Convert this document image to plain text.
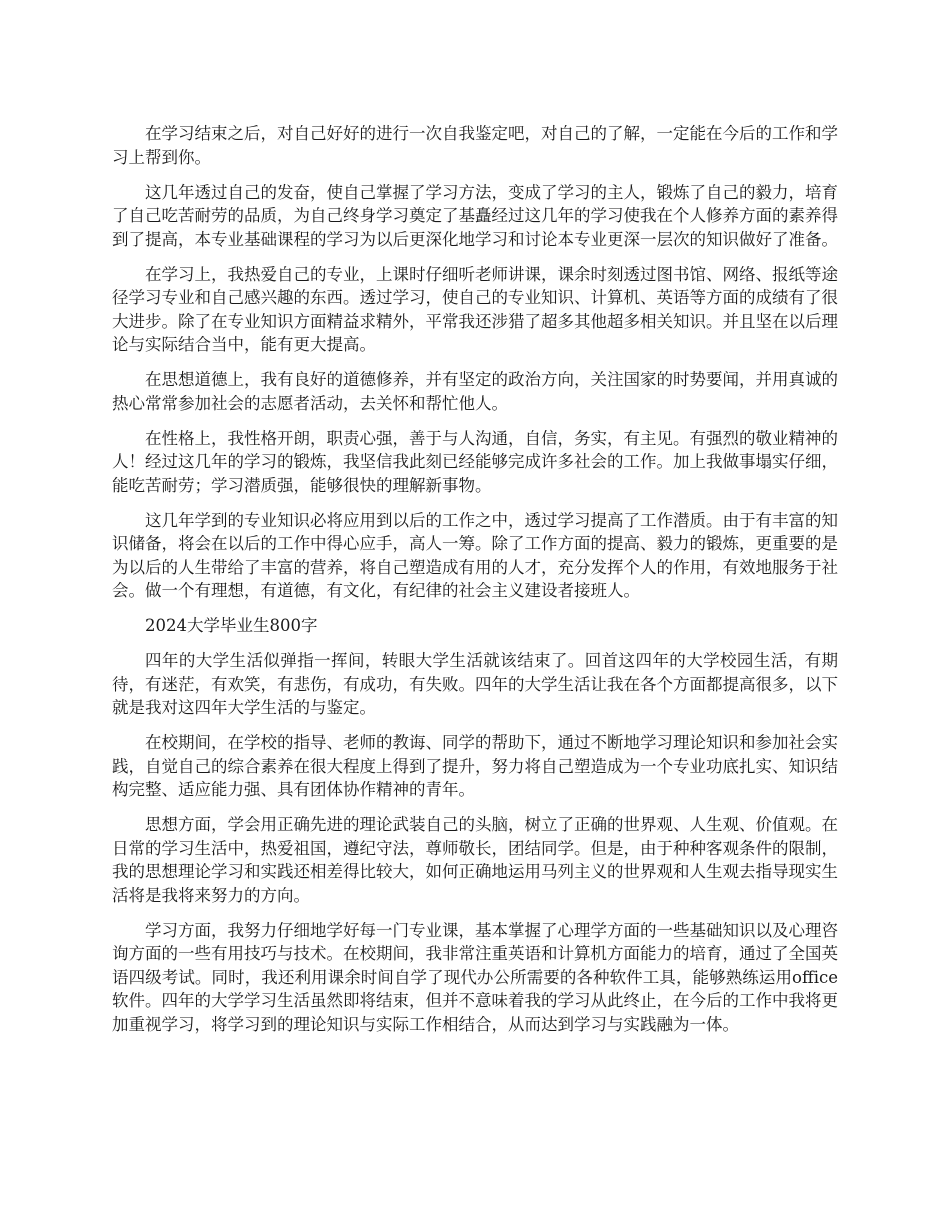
在学习结束之后，对自己好好的进行一次自我鉴定吧，对自己的了解，一定能在今后的工作和学习上帮到你。

这几年透过自己的发奋，使自己掌握了学习方法，变成了学习的主人，锻炼了自己的毅力，培育了自己吃苦耐劳的品质，为自己终身学习奠定了基矗经过这几年的学习使我在个人修养方面的素养得到了提高，本专业基础课程的学习为以后更深化地学习和讨论本专业更深一层次的知识做好了准备。

在学习上，我热爱自己的专业，上课时仔细听老师讲课，课余时刻透过图书馆、网络、报纸等途径学习专业和自己感兴趣的东西。透过学习，使自己的专业知识、计算机、英语等方面的成绩有了很大进步。除了在专业知识方面精益求精外，平常我还涉猎了超多其他超多相关知识。并且坚在以后理论与实际结合当中，能有更大提高。

在思想道德上，我有良好的道德修养，并有坚定的政治方向，关注国家的时势要闻，并用真诚的热心常常参加社会的志愿者活动，去关怀和帮忙他人。

在性格上，我性格开朗，职责心强，善于与人沟通，自信，务实，有主见。有强烈的敬业精神的人！经过这几年的学习的锻炼，我坚信我此刻已经能够完成许多社会的工作。加上我做事塌实仔细，能吃苦耐劳；学习潜质强，能够很快的理解新事物。

这几年学到的专业知识必将应用到以后的工作之中，透过学习提高了工作潜质。由于有丰富的知识储备，将会在以后的工作中得心应手，高人一筹。除了工作方面的提高、毅力的锻炼，更重要的是为以后的人生带给了丰富的营养，将自己塑造成有用的人才，充分发挥个人的作用，有效地服务于社会。做一个有理想，有道德，有文化，有纪律的社会主义建设者接班人。

2024大学毕业生800字

四年的大学生活似弹指一挥间，转眼大学生活就该结束了。回首这四年的大学校园生活，有期待，有迷茫，有欢笑，有悲伤，有成功，有失败。四年的大学生活让我在各个方面都提高很多，以下就是我对这四年大学生活的与鉴定。

在校期间，在学校的指导、老师的教诲、同学的帮助下，通过不断地学习理论知识和参加社会实践，自觉自己的综合素养在很大程度上得到了提升，努力将自己塑造成为一个专业功底扎实、知识结构完整、适应能力强、具有团体协作精神的青年。

思想方面，学会用正确先进的理论武装自己的头脑，树立了正确的世界观、人生观、价值观。在日常的学习生活中，热爱祖国，遵纪守法，尊师敬长，团结同学。但是，由于种种客观条件的限制，我的思想理论学习和实践还相差得比较大，如何正确地运用马列主义的世界观和人生观去指导现实生活将是我将来努力的方向。

学习方面，我努力仔细地学好每一门专业课，基本掌握了心理学方面的一些基础知识以及心理咨询方面的一些有用技巧与技术。在校期间，我非常注重英语和计算机方面能力的培育，通过了全国英语四级考试。同时，我还利用课余时间自学了现代办公所需要的各种软件工具，能够熟练运用office软件。四年的大学学习生活虽然即将结束，但并不意味着我的学习从此终止，在今后的工作中我将更加重视学习，将学习到的理论知识与实际工作相结合，从而达到学习与实践融为一体。
